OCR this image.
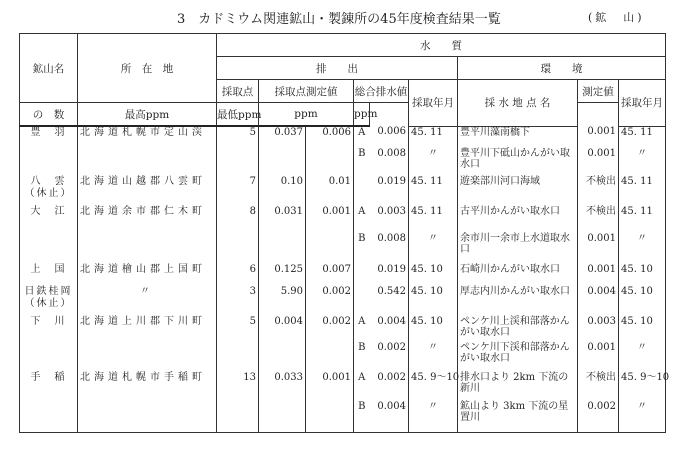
3　 カドミウム関連鉱山・製錬所の45年度検査結果一覧	(鉱　山)
鉱山名	所　在　地	水　　質								
		排　　出						環　　境		
		採取点	採取点測定値		総合排水値		採取年月	採 水 地 点 名	測定値	採取年月
の　数	最高ppm	最低ppm	ppm		ppm					
豊　羽	北海道札幌市定山渓	5	0.037	0.006	A	0.006	45. 11	豊平川藻南橋下	0.001	45. 11
					B	0.008	〃	豊平川下砥山かんがい取水口	0.001	〃
八　雲
（休止）	北海道山越郡八雲町	7	0.10	0.01		0.019	45. 11	遊楽部川河口海域	不検出	45. 11
大　江	北海道余市郡仁木町	8	0.031	0.001	A	0.003	45. 11	古平川かんがい取水口	不検出	45. 11
					B	0.008	〃	余市川一余市上水道取水口	0.001	〃
上　国	北海道檜山郡上国町	6	0.125	0.007		0.019	45. 10	石崎川かんがい取水口	0.001	45. 10
日鉄桂岡
（休止）	〃	3	5.90	0.002		0.542	45. 10	厚志内川かんがい取水口	0.004	45. 10
下　川	北海道上川郡下川町	5	0.004	0.002	A	0.004	45. 10	ペンケ川上渓和部落かんがい取水口	0.003	45. 10
					B	0.002	〃	ペンケ川下渓和部落かんがい取水口	0.001	〃
手　稲	北海道札幌市手稲町	13	0.033	0.001	A	0.002	45. 9～10	排水口より 2km 下流の新川	不検出	45. 9～10
					B	0.004	〃	鉱山より 3km 下流の星置川	0.002	〃
